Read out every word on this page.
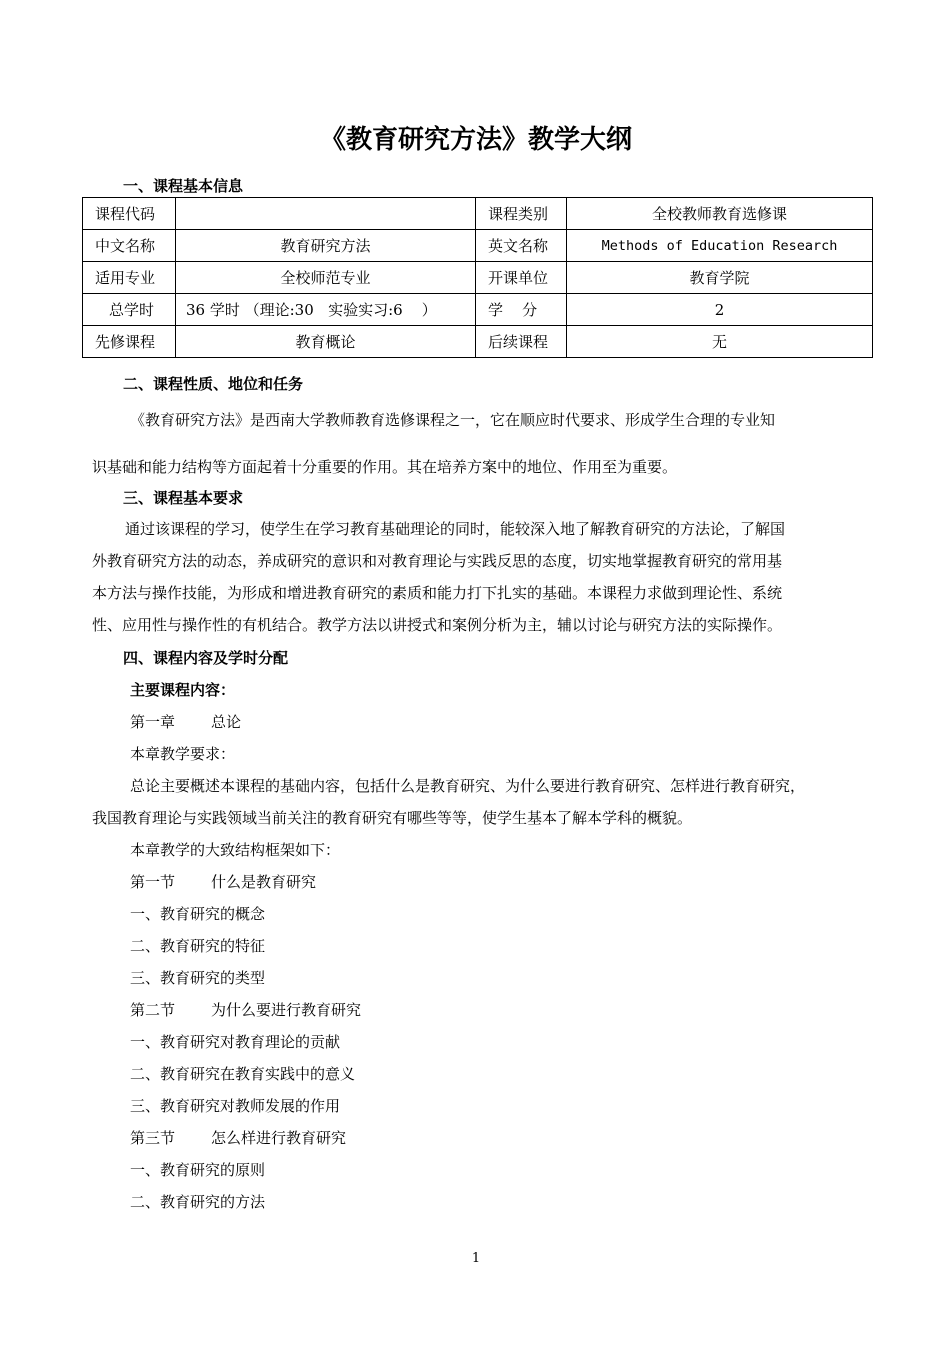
《教育研究方法》教学大纲

一、课程基本信息

课程代码		课程类别	全校教师教育选修课
中文名称	教育研究方法	英文名称	Methods of Education Research
适用专业	全校师范专业	开课单位	教育学院
总学时	36 学时 （理论:30   实验实习:6    ）	学    分	2
先修课程	教育概论	后续课程	无

二、课程性质、地位和任务

《教育研究方法》是西南大学教师教育选修课程之一，它在顺应时代要求、形成学生合理的专业知

识基础和能力结构等方面起着十分重要的作用。其在培养方案中的地位、作用至为重要。

三、课程基本要求

通过该课程的学习，使学生在学习教育基础理论的同时，能较深入地了解教育研究的方法论，了解国

外教育研究方法的动态，养成研究的意识和对教育理论与实践反思的态度，切实地掌握教育研究的常用基

本方法与操作技能，为形成和增进教育研究的素质和能力打下扎实的基础。本课程力求做到理论性、系统

性、应用性与操作性的有机结合。教学方法以讲授式和案例分析为主，辅以讨论与研究方法的实际操作。

四、课程内容及学时分配

主要课程内容：

第一章 总论

本章教学要求：

总论主要概述本课程的基础内容，包括什么是教育研究、为什么要进行教育研究、怎样进行教育研究，

我国教育理论与实践领域当前关注的教育研究有哪些等等，使学生基本了解本学科的概貌。

本章教学的大致结构框架如下：

第一节 什么是教育研究

一、教育研究的概念

二、教育研究的特征

三、教育研究的类型

第二节 为什么要进行教育研究

一、教育研究对教育理论的贡献

二、教育研究在教育实践中的意义

三、教育研究对教师发展的作用

第三节 怎么样进行教育研究

一、教育研究的原则

二、教育研究的方法

1
